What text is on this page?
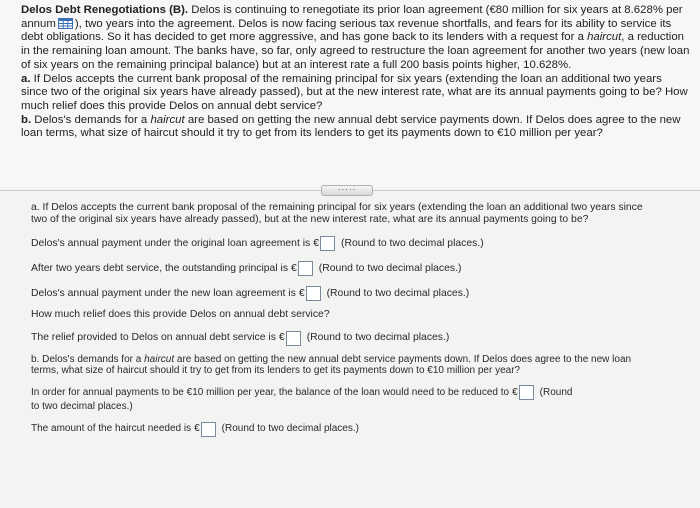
Delos Debt Renegotiations (B). Delos is continuing to renegotiate its prior loan agreement (€80 million for six years at 8.628% per annum ), two years into the agreement. Delos is now facing serious tax revenue shortfalls, and fears for its ability to service its debt obligations. So it has decided to get more aggressive, and has gone back to its lenders with a request for a haircut, a reduction in the remaining loan amount. The banks have, so far, only agreed to restructure the loan agreement for another two years (new loan of six years on the remaining principal balance) but at an interest rate a full 200 basis points higher, 10.628%.

a. If Delos accepts the current bank proposal of the remaining principal for six years (extending the loan an additional two years since two of the original six years have already passed), but at the new interest rate, what are its annual payments going to be? How much relief does this provide Delos on annual debt service?

b. Delos's demands for a haircut are based on getting the new annual debt service payments down. If Delos does agree to the new loan terms, what size of haircut should it try to get from its lenders to get its payments down to €10 million per year?

·····

a. If Delos accepts the current bank proposal of the remaining principal for six years (extending the loan an additional two years since two of the original six years have already passed), but at the new interest rate, what are its annual payments going to be?

Delos's annual payment under the original loan agreement is € (Round to two decimal places.)
After two years debt service, the outstanding principal is € (Round to two decimal places.)
Delos's annual payment under the new loan agreement is € (Round to two decimal places.)

How much relief does this provide Delos on annual debt service?

The relief provided to Delos on annual debt service is € (Round to two decimal places.)

b. Delos's demands for a haircut are based on getting the new annual debt service payments down. If Delos does agree to the new loan terms, what size of haircut should it try to get from its lenders to get its payments down to €10 million per year?

In order for annual payments to be €10 million per year, the balance of the loan would need to be reduced to € (Round
to two decimal places.)
The amount of the haircut needed is € (Round to two decimal places.)
